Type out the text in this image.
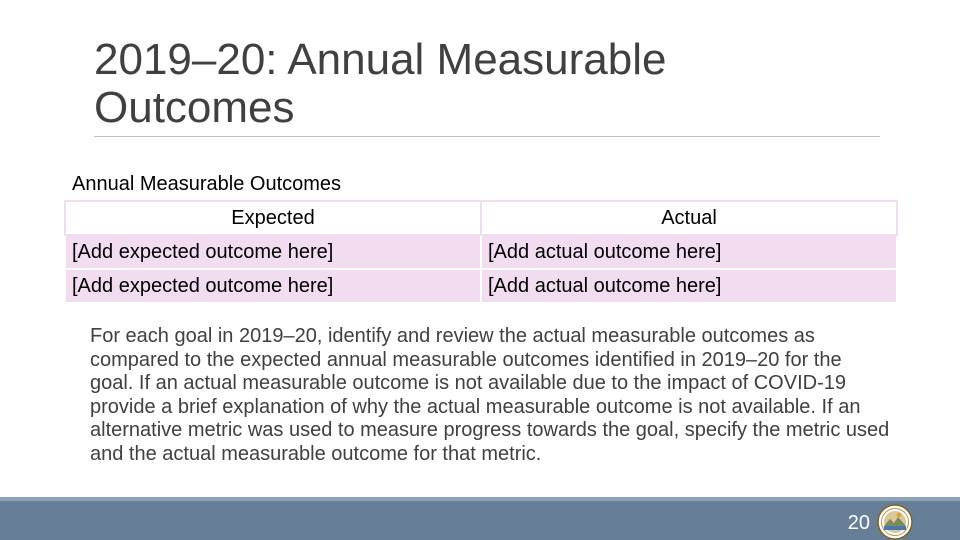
2019–20: Annual Measurable Outcomes
Annual Measurable Outcomes
Expected	Actual
[Add expected outcome here]	[Add actual outcome here]
[Add expected outcome here]	[Add actual outcome here]

For each goal in 2019–20, identify and review the actual measurable outcomes as compared to the expected annual measurable outcomes identified in 2019–20 for the goal. If an actual measurable outcome is not available due to the impact of COVID-19 provide a brief explanation of why the actual measurable outcome is not available. If an alternative metric was used to measure progress towards the goal, specify the metric used and the actual measurable outcome for that metric.

20
